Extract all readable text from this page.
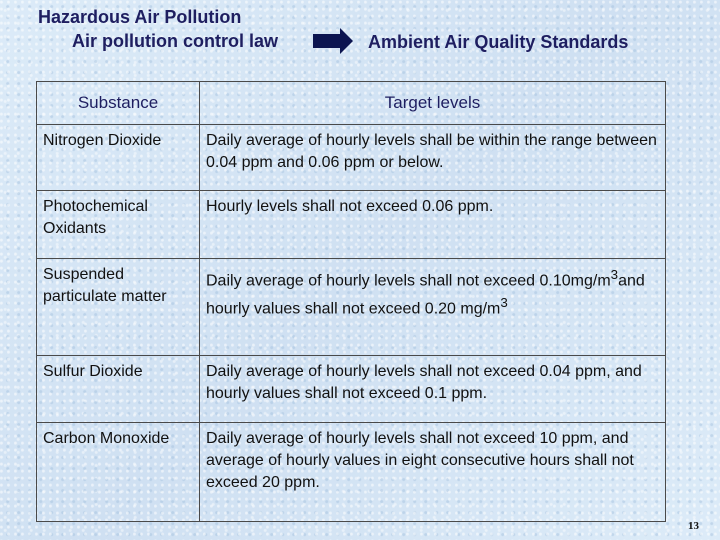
Hazardous Air Pollution
Air pollution control law	Ambient Air Quality Standards
Substance	Target levels
Nitrogen Dioxide	Daily average of hourly levels shall be within the range between 0.04 ppm and 0.06 ppm or below.
Photochemical Oxidants	Hourly levels shall not exceed 0.06 ppm.
Suspended particulate matter	Daily average of hourly levels shall not exceed $0.10mg/m^3and$ hourly values shall not exceed 0.20 $mg/m^3$
Sulfur Dioxide	Daily average of hourly levels shall not exceed 0.04 ppm, and hourly values shall not exceed 0.1 ppm.
Carbon Monoxide	Daily average of hourly levels shall not exceed 10 ppm, and average of hourly values in eight consecutive hours shall not exceed 20 ppm.
13
